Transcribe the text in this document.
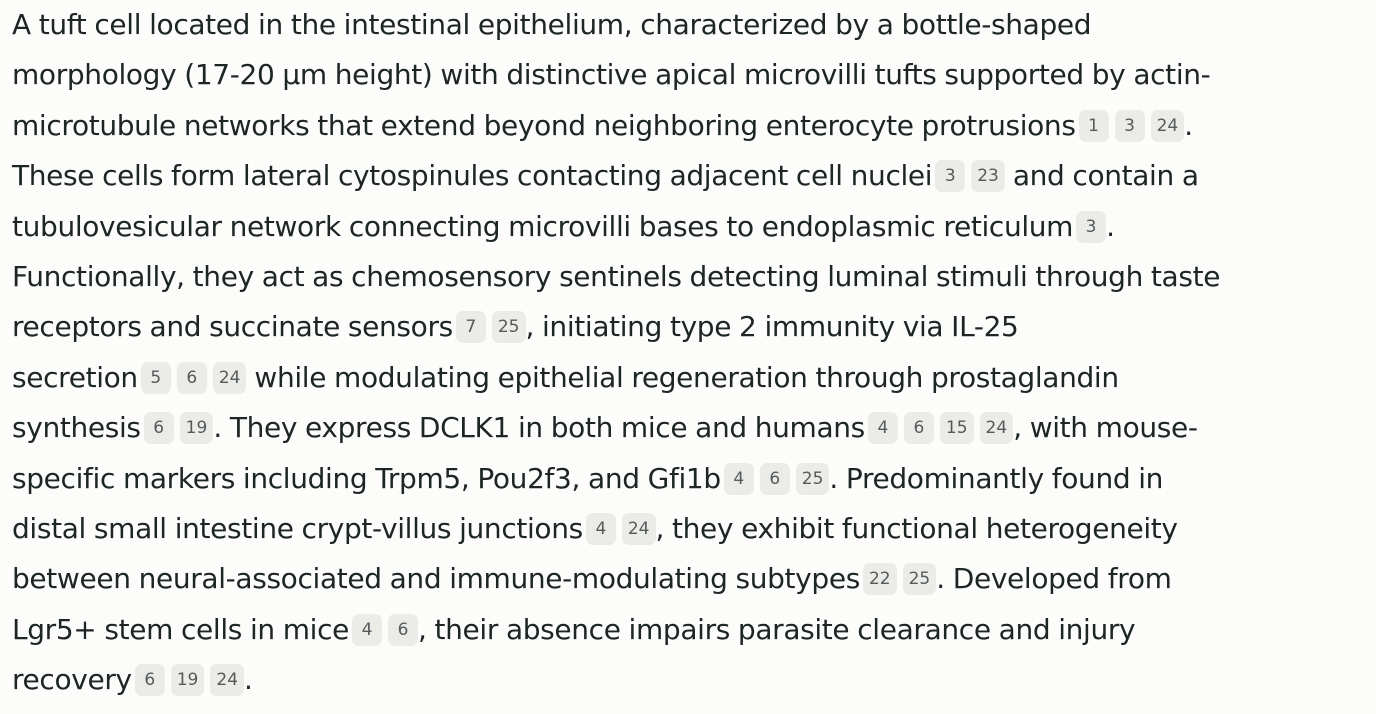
A tuft cell located in the intestinal epithelium, characterized by a bottle-shaped
morphology (17-20 μm height) with distinctive apical microvilli tufts supported by actin-
microtubule networks that extend beyond neighboring enterocyte protrusions 1 3 24 .
These cells form lateral cytospinules contacting adjacent cell nuclei 3 23 and contain a
tubulovesicular network connecting microvilli bases to endoplasmic reticulum 3 .
Functionally, they act as chemosensory sentinels detecting luminal stimuli through taste
receptors and succinate sensors 7 25 , initiating type 2 immunity via IL-25
secretion 5 6 24 while modulating epithelial regeneration through prostaglandin
synthesis 6 19 . They express DCLK1 in both mice and humans 4 6 15 24 , with mouse-
specific markers including Trpm5, Pou2f3, and Gfi1b 4 6 25 . Predominantly found in
distal small intestine crypt-villus junctions 4 24 , they exhibit functional heterogeneity
between neural-associated and immune-modulating subtypes 22 25 . Developed from
Lgr5+ stem cells in mice 4 6 , their absence impairs parasite clearance and injury
recovery 6 19 24 .
